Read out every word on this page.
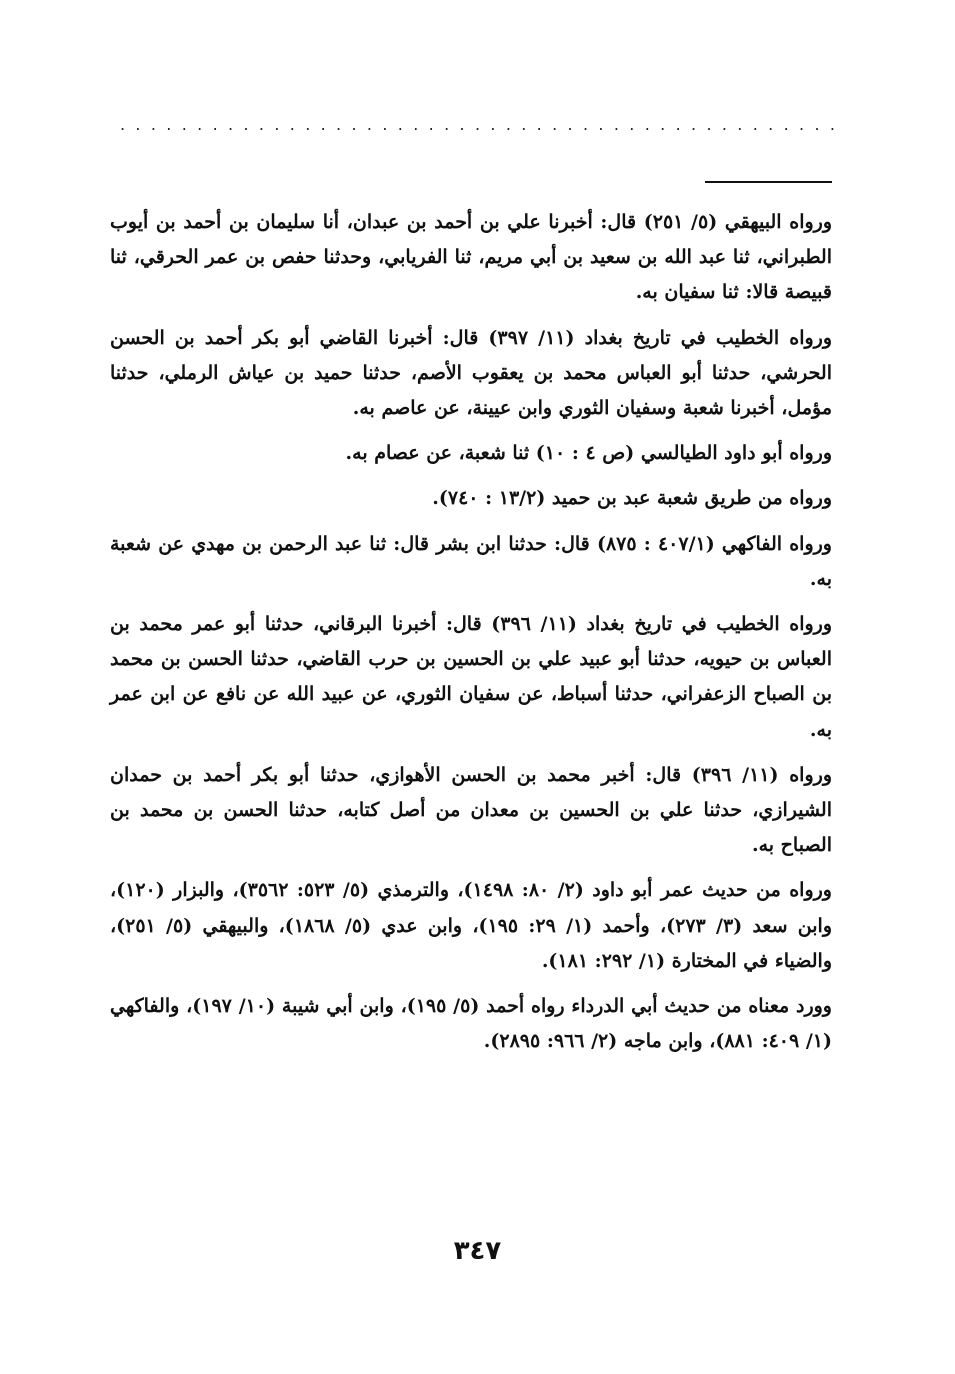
. . . . . . . . . . . . . . . . . . . . . . . . . . . . . . . . . . . . . . . . . . . . . . .

ورواه البيهقي (٥/ ٢٥١) قال: أخبرنا علي بن أحمد بن عبدان، أنا سليمان بن أحمد بن أيوب الطبراني، ثنا عبد الله بن سعيد بن أبي مريم، ثنا الفريابي، وحدثنا حفص بن عمر الحرقي، ثنا قبيصة قالا: ثنا سفيان به.

ورواه الخطيب في تاريخ بغداد (١١/ ٣٩٧) قال: أخبرنا القاضي أبو بكر أحمد بن الحسن الحرشي، حدثنا أبو العباس محمد بن يعقوب الأصم، حدثنا حميد بن عياش الرملي، حدثنا مؤمل، أخبرنا شعبة وسفيان الثوري وابن عيينة، عن عاصم به.

ورواه أبو داود الطيالسي (ص ٤ : ١٠) ثنا شعبة، عن عصام به.

ورواه من طريق شعبة عبد بن حميد (١٣/٢ : ٧٤٠).

ورواه الفاكهي (٤٠٧/١ : ٨٧٥) قال: حدثنا ابن بشر قال: ثنا عبد الرحمن بن مهدي عن شعبة به.

ورواه الخطيب في تاريخ بغداد (١١/ ٣٩٦) قال: أخبرنا البرقاني، حدثنا أبو عمر محمد بن العباس بن حيويه، حدثنا أبو عبيد علي بن الحسين بن حرب القاضي، حدثنا الحسن بن محمد بن الصباح الزعفراني، حدثنا أسباط، عن سفيان الثوري، عن عبيد الله عن نافع عن ابن عمر به.

ورواه (١١/ ٣٩٦) قال: أخبر محمد بن الحسن الأهوازي، حدثنا أبو بكر أحمد بن حمدان الشيرازي، حدثنا علي بن الحسين بن معدان من أصل كتابه، حدثنا الحسن بن محمد بن الصباح به.

ورواه من حديث عمر أبو داود (٢/ ٨٠: ١٤٩٨)، والترمذي (٥/ ٥٢٣: ٣٥٦٢)، والبزار (١٢٠)، وابن سعد (٣/ ٢٧٣)، وأحمد (١/ ٢٩: ١٩٥)، وابن عدي (٥/ ١٨٦٨)، والبيهقي (٥/ ٢٥١)، والضياء في المختارة (١/ ٢٩٢: ١٨١).

وورد معناه من حديث أبي الدرداء رواه أحمد (٥/ ١٩٥)، وابن أبي شيبة (١٠/ ١٩٧)، والفاكهي (١/ ٤٠٩: ٨٨١)، وابن ماجه (٢/ ٩٦٦: ٢٨٩٥).

٣٤٧
